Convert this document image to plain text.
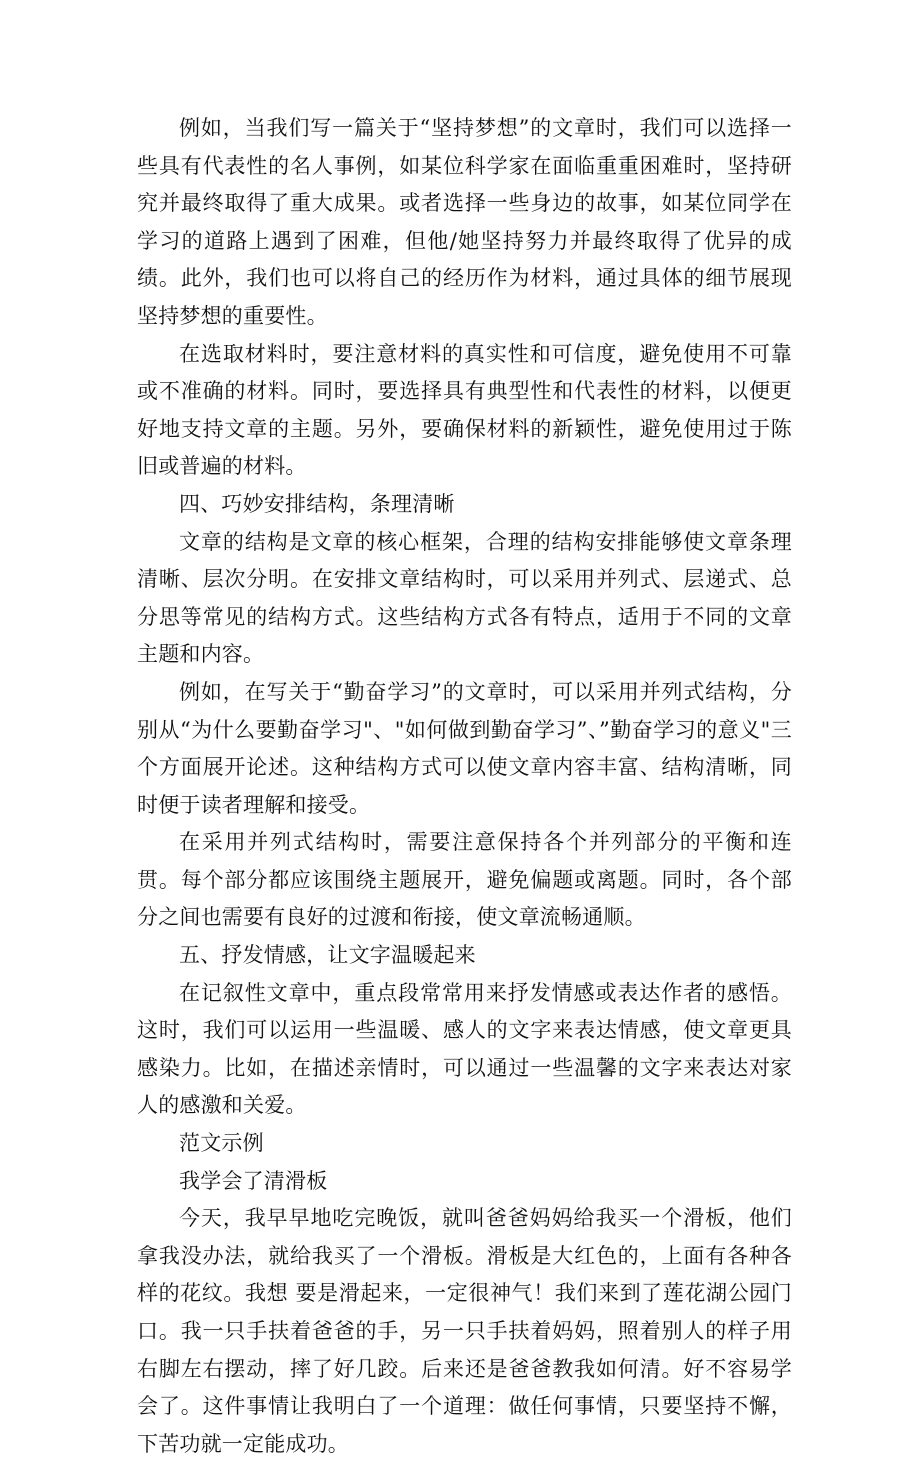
例如，当我们写一篇关于“坚持梦想”的文章时，我们可以选择一些具有代表性的名人事例，如某位科学家在面临重重困难时，坚持研究并最终取得了重大成果。或者选择一些身边的故事，如某位同学在学习的道路上遇到了困难，但他/她坚持努力并最终取得了优异的成绩。此外，我们也可以将自己的经历作为材料，通过具体的细节展现坚持梦想的重要性。

在选取材料时，要注意材料的真实性和可信度，避免使用不可靠或不准确的材料。同时，要选择具有典型性和代表性的材料，以便更好地支持文章的主题。另外，要确保材料的新颖性，避免使用过于陈旧或普遍的材料。

四、巧妙安排结构，条理清晰

文章的结构是文章的核心框架，合理的结构安排能够使文章条理清晰、层次分明。在安排文章结构时，可以采用并列式、层递式、总分思等常见的结构方式。这些结构方式各有特点，适用于不同的文章主题和内容。

例如，在写关于“勤奋学习”的文章时，可以采用并列式结构，分别从“为什么要勤奋学习"、"如何做到勤奋学习”、”勤奋学习的意义"三个方面展开论述。这种结构方式可以使文章内容丰富、结构清晰，同时便于读者理解和接受。

在采用并列式结构时，需要注意保持各个并列部分的平衡和连贯。每个部分都应该围绕主题展开，避免偏题或离题。同时，各个部分之间也需要有良好的过渡和衔接，使文章流畅通顺。

五、抒发情感，让文字温暖起来

在记叙性文章中，重点段常常用来抒发情感或表达作者的感悟。这时，我们可以运用一些温暖、感人的文字来表达情感，使文章更具感染力。比如，在描述亲情时，可以通过一些温馨的文字来表达对家人的感激和关爱。

范文示例

我学会了清滑板

今天，我早早地吃完晚饭，就叫爸爸妈妈给我买一个滑板，他们拿我没办法，就给我买了一个滑板。滑板是大红色的，上面有各种各样的花纹。我想 要是滑起来，一定很神气！我们来到了莲花湖公园门口。我一只手扶着爸爸的手，另一只手扶着妈妈，照着别人的样子用右脚左右摆动，摔了好几跤。后来还是爸爸教我如何清。好不容易学会了。这件事情让我明白了一个道理：做任何事情，只要坚持不懈，下苦功就一定能成功。
